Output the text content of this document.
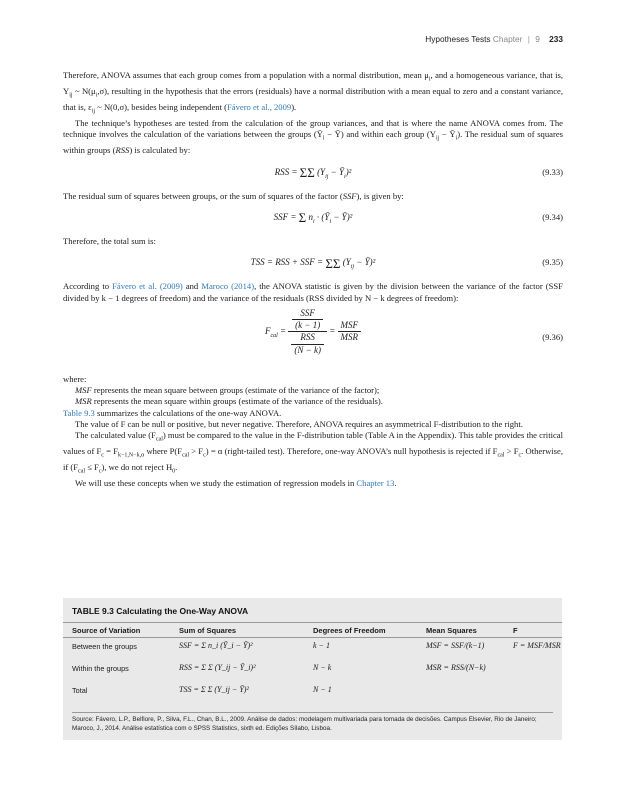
Hypotheses Tests Chapter | 9 233

Therefore, ANOVA assumes that each group comes from a population with a normal distribution, mean $\mu_i$, and a homogeneous variance, that is, $Y_{ij}$ ~ $N(\mu_i,\sigma)$, resulting in the hypothesis that the errors (residuals) have a normal distribution with a mean equal to zero and a constant variance, that is, $\varepsilon_{ij}$ ~ N(0,σ), besides being independent (Fávero et al., 2009).

The technique’s hypotheses are tested from the calculation of the group variances, and that is where the name ANOVA comes from. The technique involves the calculation of the variations between the groups ($Ȳ_i$ − Ȳ) and within each group ($Y_{ij}$ − $Ȳ_i$). The residual sum of squares within groups (RSS) is calculated by:

RSS = ΣΣ ($Y_{ij}$ − $Ȳ_i)^2$	(9.33)

The residual sum of squares between groups, or the sum of squares of the factor (SSF), is given by:

SSF = Σ $n_i$ · ($Ȳ_i$ − Ȳ)²	(9.34)

Therefore, the total sum is:

TSS = RSS + SSF = ΣΣ ($Y_{ij}$ − Ȳ)²	(9.35)

According to Fávero et al. (2009) and Maroco (2014), the ANOVA statistic is given by the division between the variance of the factor (SSF divided by k − 1 degrees of freedom) and the variance of the residuals (RSS divided by N − k degrees of freedom):

$F_{cal} = \frac{\frac{\text{SSF}}{(k - 1)}}{\frac{\text{RSS}}{(N - k)}} = \frac{\text{MSF}}{\text{MSR}}$	(9.36)

where:

MSF represents the mean square between groups (estimate of the variance of the factor);

MSR represents the mean square within groups (estimate of the variance of the residuals).

Table 9.3 summarizes the calculations of the one-way ANOVA.

The value of F can be null or positive, but never negative. Therefore, ANOVA requires an asymmetrical F-distribution to the right.

The calculated value $(F_{cal})$ must be compared to the value in the F-distribution table (Table A in the Appendix). This table provides the critical values of $F_c = F_{k-1,N-k,\alpha}$ where $P(F_{cal} > F_c) = \alpha$ (right-tailed test). Therefore, one-way ANOVA’s null hypothesis is rejected if $F_{cal} > F_c$. Otherwise, if $(F_{cal} \le F_c)$, we do not reject $H_0$.

We will use these concepts when we study the estimation of regression models in Chapter 13.

TABLE 9.3 Calculating the One-Way ANOVA
Source of Variation	Sum of Squares	Degrees of Freedom	Mean Squares	F
Between the groups	SSF = Σ n_i (Ȳ_i − Ȳ)²	k − 1	MSF = SSF/(k−1)	F = MSF/MSR
Within the groups	RSS = Σ Σ (Y_ij − Ȳ_i)²	N − k	MSR = RSS/(N−k)
Total	TSS = Σ Σ (Y_ij − Ȳ)²	N − 1
Source: Fávero, L.P., Belfiore, P., Silva, F.L., Chan, B.L., 2009. Análise de dados: modelagem multivariada para tomada de decisões. Campus Elsevier, Rio de Janeiro; Maroco, J., 2014. Análise estatística com o SPSS Statistics, sixth ed. Edições Sílabo, Lisboa.
